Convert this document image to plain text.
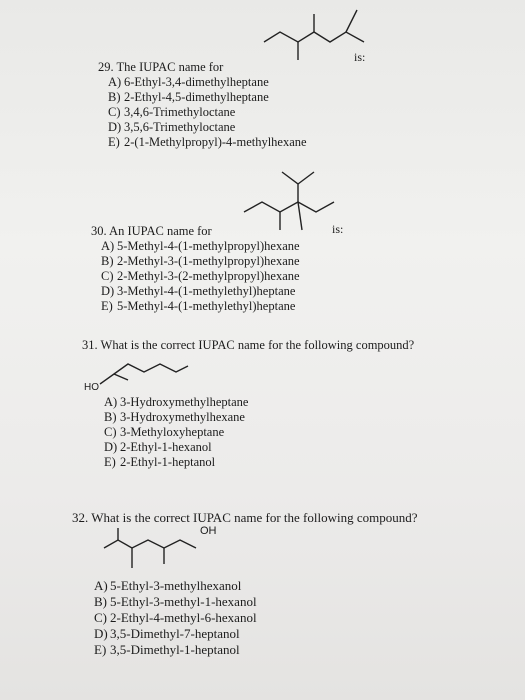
is:
29. The IUPAC name for
A) 6-Ethyl-3,4-dimethylheptane
B) 2-Ethyl-4,5-dimethylheptane
C) 3,4,6-Trimethyloctane
D) 3,5,6-Trimethyloctane
E) 2-(1-Methylpropyl)-4-methylhexane
is:
30. An IUPAC name for
A) 5-Methyl-4-(1-methylpropyl)hexane
B) 2-Methyl-3-(1-methylpropyl)hexane
C) 2-Methyl-3-(2-methylpropyl)hexane
D) 3-Methyl-4-(1-methylethyl)heptane
E) 5-Methyl-4-(1-methylethyl)heptane
31. What is the correct IUPAC name for the following compound?
HO
A) 3-Hydroxymethylheptane
B) 3-Hydroxymethylhexane
C) 3-Methyloxyheptane
D) 2-Ethyl-1-hexanol
E) 2-Ethyl-1-heptanol
32. What is the correct IUPAC name for the following compound?
OH
A) 5-Ethyl-3-methylhexanol
B) 5-Ethyl-3-methyl-1-hexanol
C) 2-Ethyl-4-methyl-6-hexanol
D) 3,5-Dimethyl-7-heptanol
E) 3,5-Dimethyl-1-heptanol
